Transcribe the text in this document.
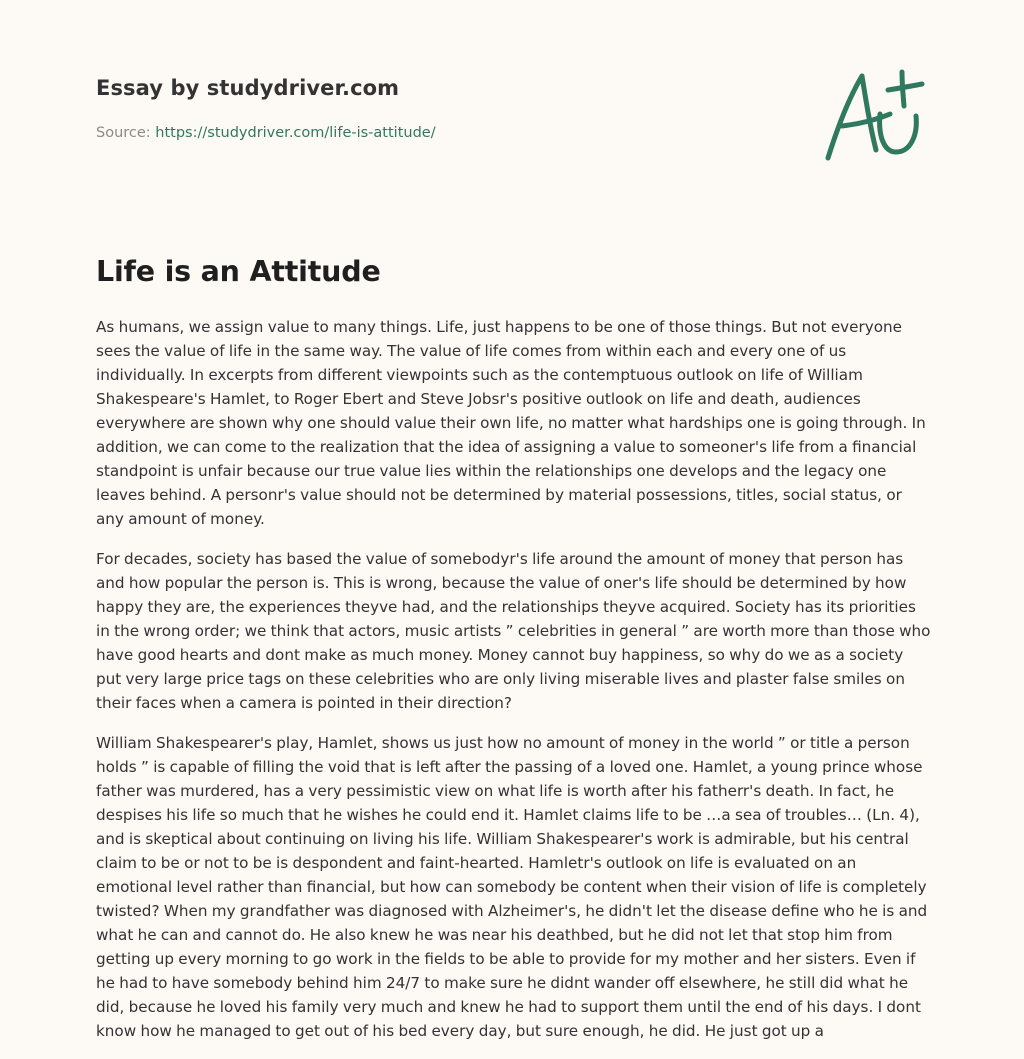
Essay by studydriver.com
Source: https://studydriver.com/life-is-attitude/
Life is an Attitude

As humans, we assign value to many things. Life, just happens to be one of those things. But not everyone sees the value of life in the same way. The value of life comes from within each and every one of us individually. In excerpts from different viewpoints such as the contemptuous outlook on life of William Shakespeare's Hamlet, to Roger Ebert and Steve Jobsr's positive outlook on life and death, audiences everywhere are shown why one should value their own life, no matter what hardships one is going through. In addition, we can come to the realization that the idea of assigning a value to someoner's life from a financial standpoint is unfair because our true value lies within the relationships one develops and the legacy one leaves behind. A personr's value should not be determined by material possessions, titles, social status, or any amount of money.

For decades, society has based the value of somebodyr's life around the amount of money that person has and how popular the person is. This is wrong, because the value of oner's life should be determined by how happy they are, the experiences theyve had, and the relationships theyve acquired. Society has its priorities in the wrong order; we think that actors, music artists ” celebrities in general ” are worth more than those who have good hearts and dont make as much money. Money cannot buy happiness, so why do we as a society put very large price tags on these celebrities who are only living miserable lives and plaster false smiles on their faces when a camera is pointed in their direction?

William Shakespearer's play, Hamlet, shows us just how no amount of money in the world ” or title a person holds ” is capable of filling the void that is left after the passing of a loved one. Hamlet, a young prince whose father was murdered, has a very pessimistic view on what life is worth after his fatherr's death. In fact, he despises his life so much that he wishes he could end it. Hamlet claims life to be …a sea of troubles… (Ln. 4), and is skeptical about continuing on living his life. William Shakespearer's work is admirable, but his central claim to be or not to be is despondent and faint-hearted. Hamletr's outlook on life is evaluated on an emotional level rather than financial, but how can somebody be content when their vision of life is completely twisted? When my grandfather was diagnosed with Alzheimer's, he didn't let the disease define who he is and what he can and cannot do. He also knew he was near his deathbed, but he did not let that stop him from getting up every morning to go work in the fields to be able to provide for my mother and her sisters. Even if he had to have somebody behind him 24/7 to make sure he didnt wander off elsewhere, he still did what he did, because he loved his family very much and knew he had to support them until the end of his days. I dont know how he managed to get out of his bed every day, but sure enough, he did. He just got up a
